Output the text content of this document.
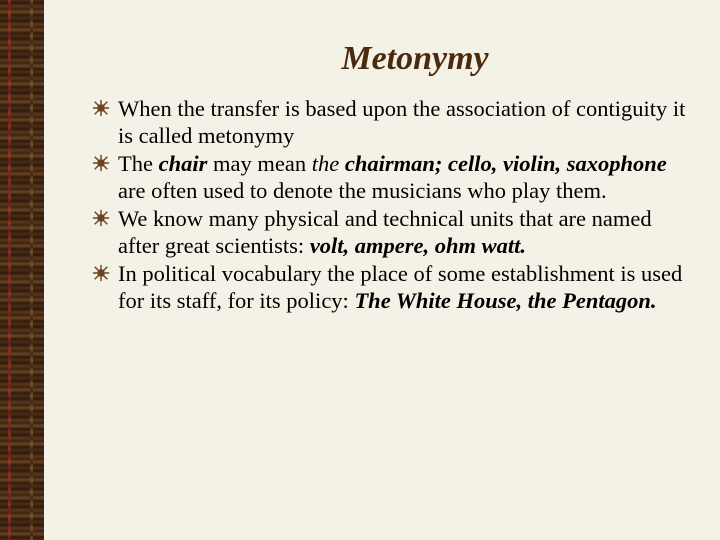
Metonymy
When the transfer is based upon the association of contiguity it is called metonymy
The chair may mean the chairman; cello, violin, saxophone are often used to denote the musicians who play them.
We know many physical and technical units that are named after great scientists: volt, ampere, ohm watt.
In political vocabulary the place of some establishment is used for its staff, for its policy: The White House, the Pentagon.
